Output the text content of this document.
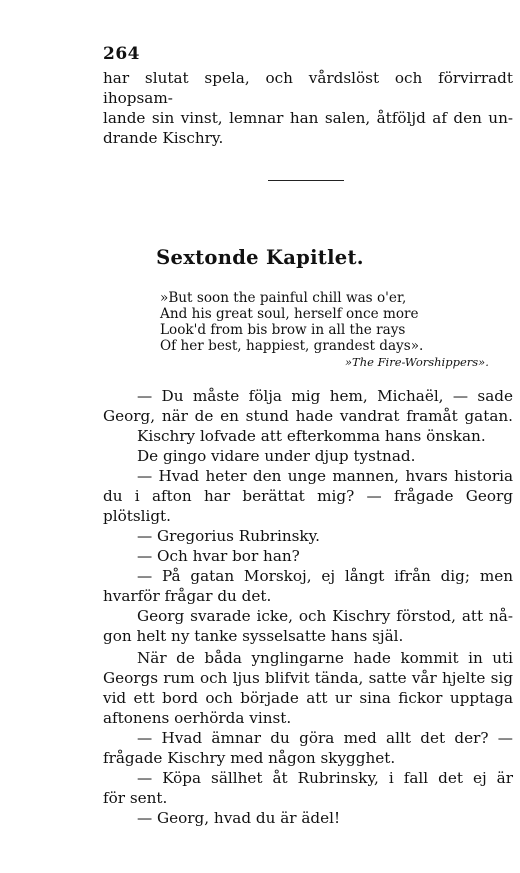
264
har slutat spela, och vårdslöst och förvirradt ihopsam-
lande sin vinst, lemnar han salen, åtföljd af den un-
drande Kischry.
Sextonde Kapitlet.
»But soon the painful chill was o'er,
And his great soul, herself once more
Look'd from bis brow in all the rays
Of her best, happiest, grandest days».
»The Fire-Worshippers».
— Du måste följa mig hem, Michaël, — sade
Georg, när de en stund hade vandrat framåt gatan.
Kischry lofvade att efterkomma hans önskan.
De gingo vidare under djup tystnad.
— Hvad heter den unge mannen, hvars historia
du i afton har berättat mig? — frågade Georg plötsligt.
— Gregorius Rubrinsky.
— Och hvar bor han?
— På gatan Morskoj, ej långt ifrån dig; men
hvarför frågar du det.
Georg svarade icke, och Kischry förstod, att nå-
gon helt ny tanke sysselsatte hans själ.
När de båda ynglingarne hade kommit in uti
Georgs rum och ljus blifvit tända, satte vår hjelte sig
vid ett bord och började att ur sina fickor upptaga
aftonens oerhörda vinst.
— Hvad ämnar du göra med allt det der? —
frågade Kischry med någon skygghet.
— Köpa sällhet åt Rubrinsky, i fall det ej är
för sent.
— Georg, hvad du är ädel!
